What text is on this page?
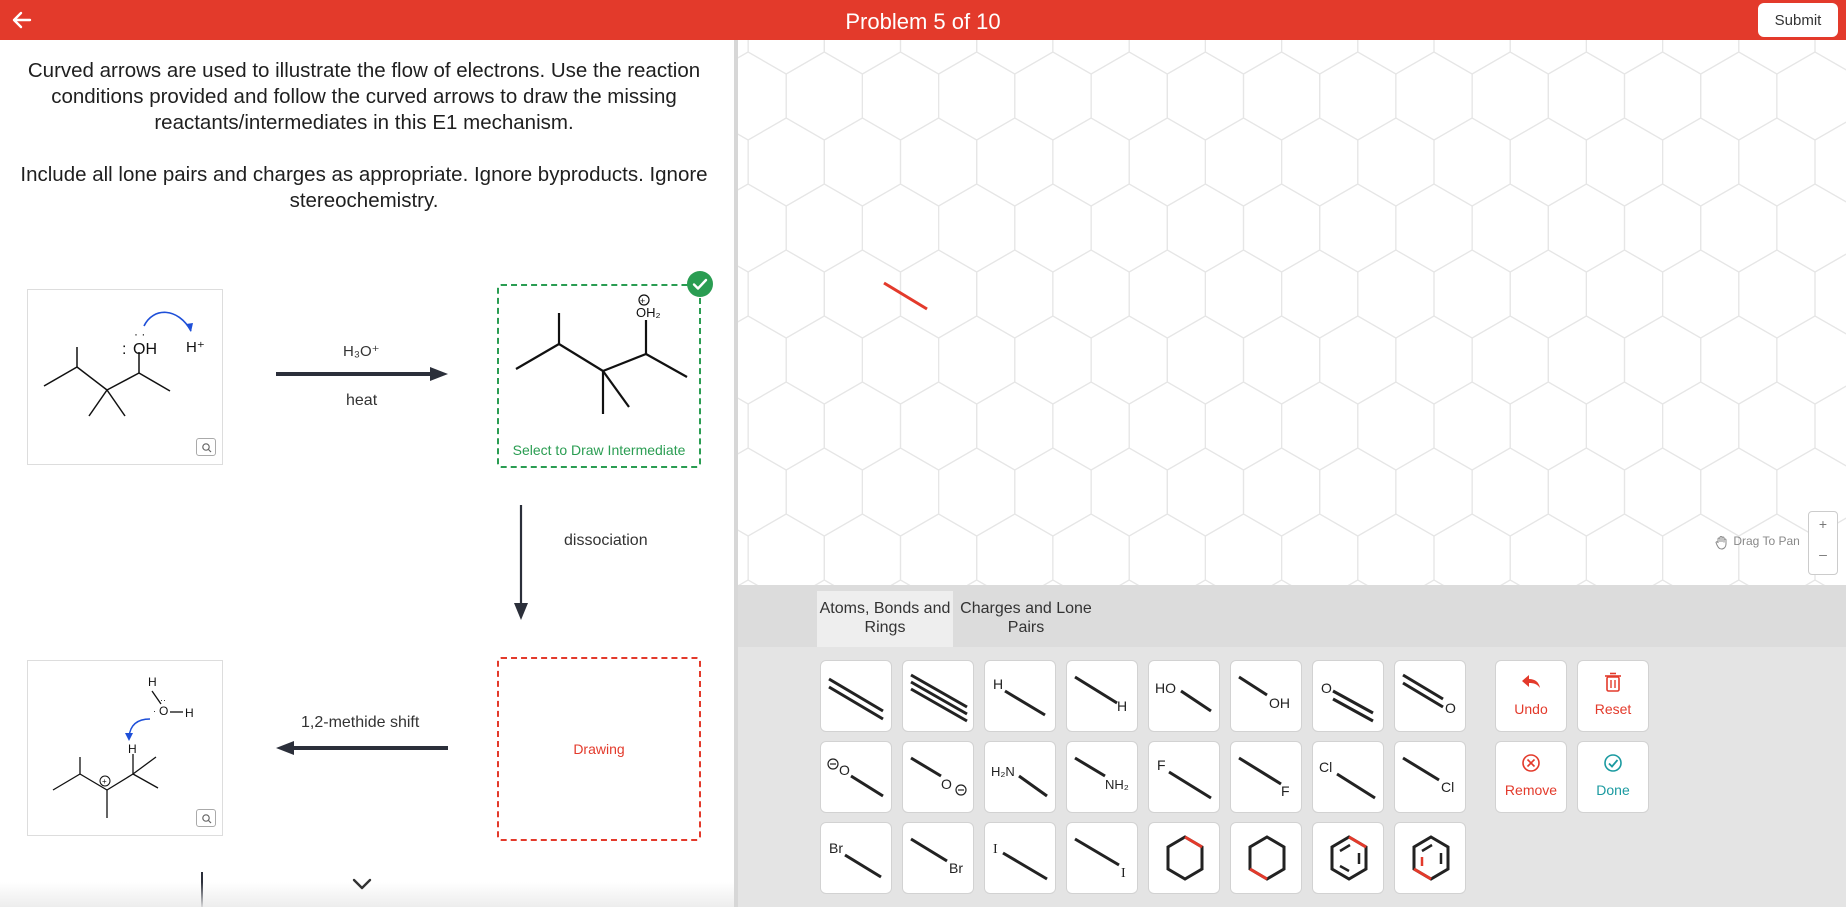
Problem 5 of 10	Submit
Curved arrows are used to illustrate the flow of electrons. Use the reaction conditions provided and follow the curved arrows to draw the missing reactants/intermediates in this E1 mechanism.
Include all lone pairs and charges as appropriate. Ignore byproducts. Ignore stereochemistry.
: OH
· ·
H⁺	H₃O⁺
heat
+
OH₂
Select to Draw Intermediate
dissociation
Drawing
1,2-methide shift
+
H
O
··
· H
H
Drag To Pan
+
–
Atoms, Bonds and Rings
Charges and Lone Pairs
H
H
HO
OH
O
O
O
O
H₂N
NH₂
F
F
Cl
Cl
Br
Br
I
I
Undo	Reset
Remove	Done
